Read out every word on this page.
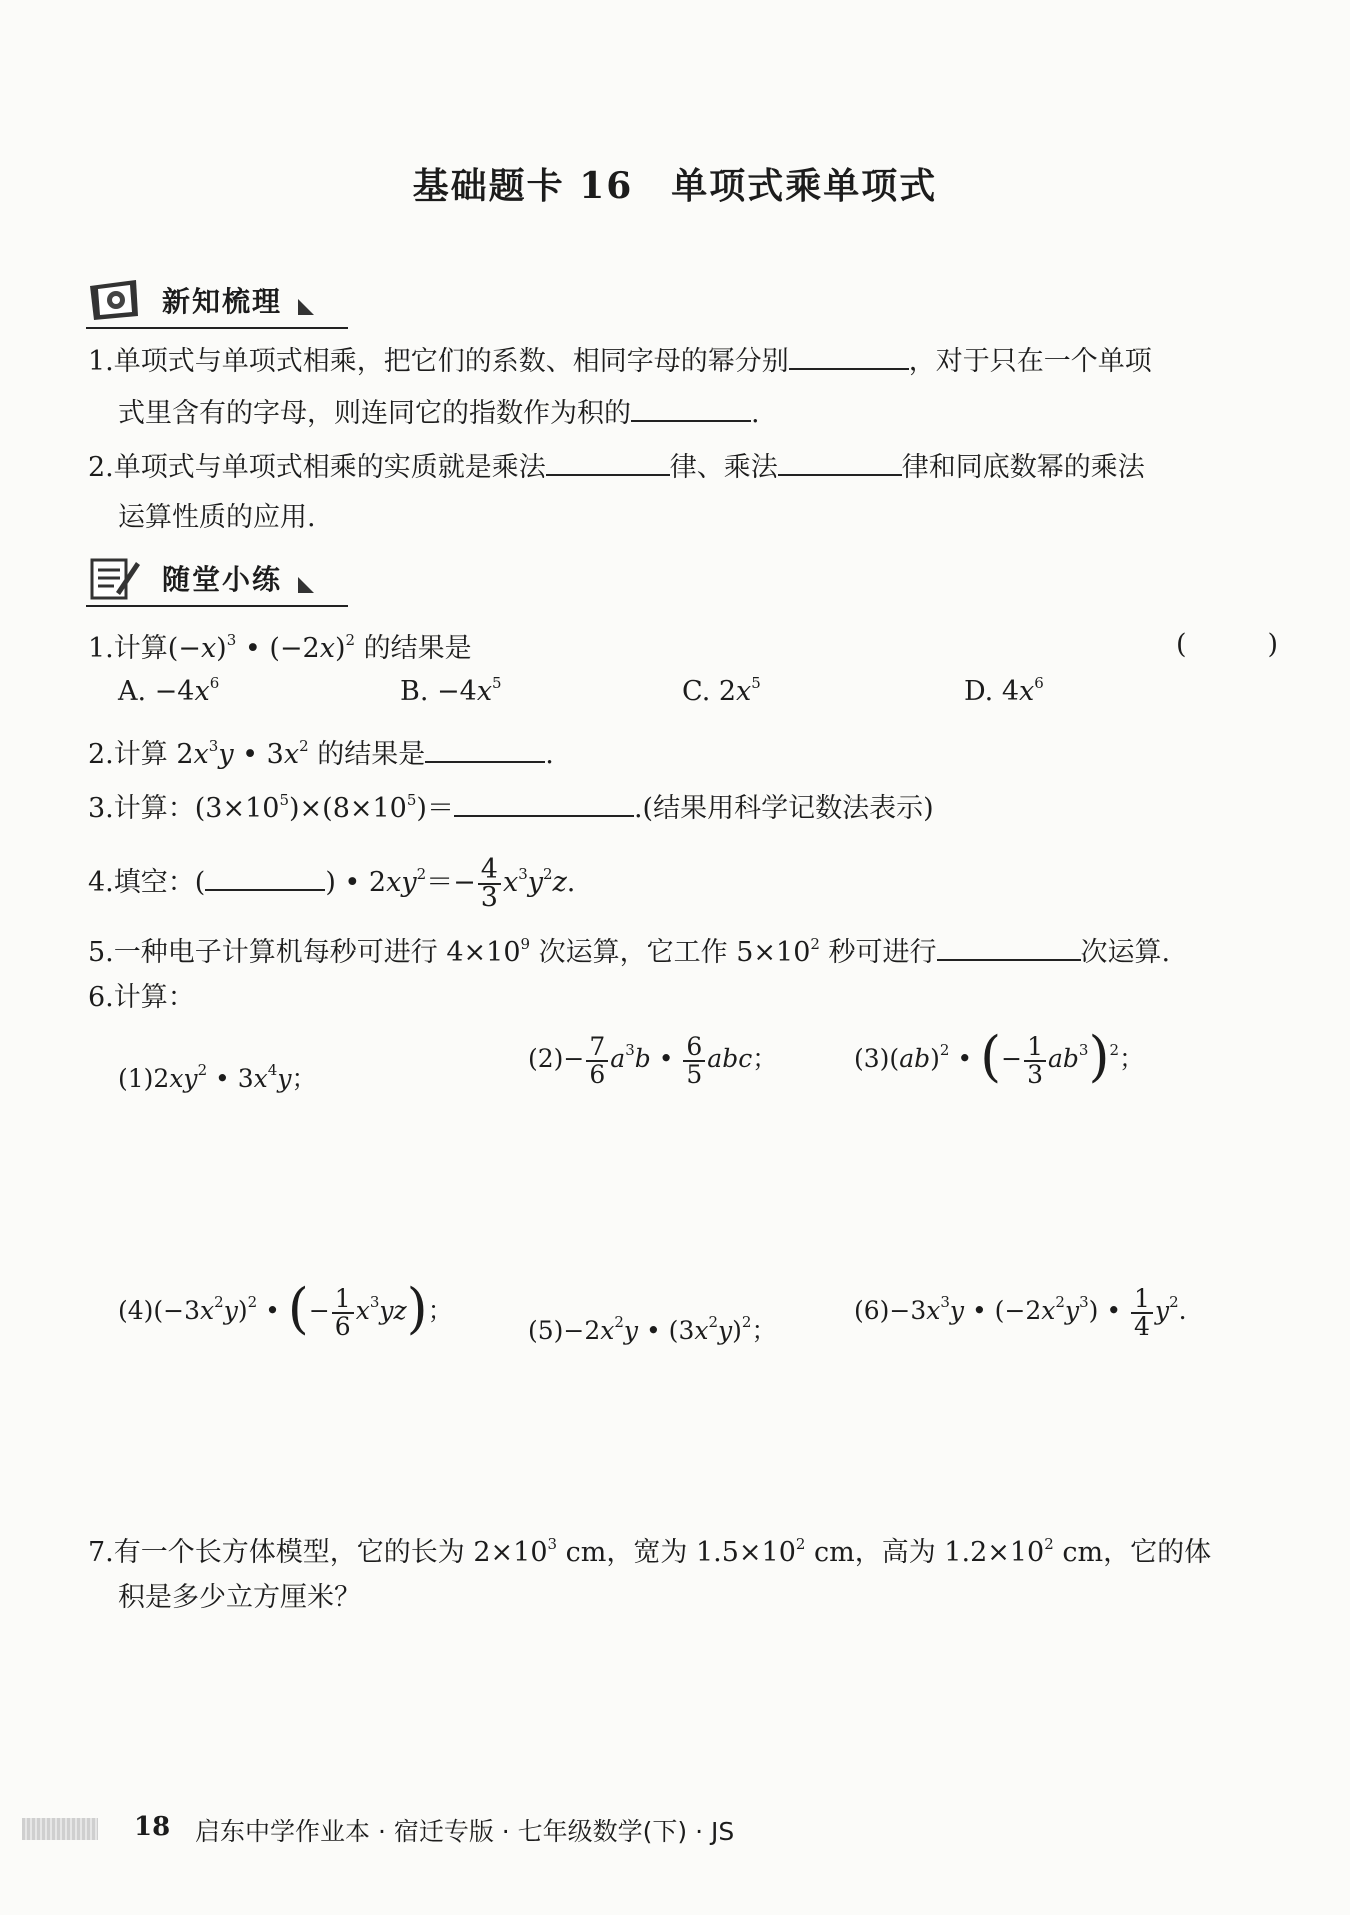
基础题卡 16　单项式乘单项式
新知梳理
1.单项式与单项式相乘，把它们的系数、相同字母的幂分别	，对于只在一个单项
式里含有的字母，则连同它的指数作为积的	.
2.单项式与单项式相乘的实质就是乘法	律、乘法	律和同底数幂的乘法
运算性质的应用.
随堂小练
1.计算$(-x)^3$ • $(-2x)^2$ 的结果是	(　　　)
A. $-4x^6$	B. $-4x^5$	C. $2x^5$	D. $4x^6$
2.计算 $2x^3y$ • $3x^2$ 的结果是	.
3.计算：$(3\times 10^5)\times(8\times 10^5)=$	.(结果用科学记数法表示)
4.填空：(	) • $2xy^2=- \frac{4}{3} x^3y^2z$.
5.一种电子计算机每秒可进行 $4\times 10^9$ 次运算，它工作 $5\times 10^2$ 秒可进行	次运算.
6.计算：
$(1)2xy^2$ • $3x^4y$；
$(2)- \frac{7}{6} a^3b$ • $\frac{6}{5}$ abc；	(3)(ab)$^2$ • (− $\frac{1}{3} ab^3)^2$；
$(4)(-3x^2y)^2$ • (− $\frac{1}{6} x^3yz$)；
$(5)-2x^2y$ • $(3x^2y)^2$；
$(6)-3x^3y$ • $(-2x^2y^3)$ • $\frac{1}{4} y^2$.
7.有一个长方体模型，它的长为 $2\times 10^3$ cm，宽为 $1.5\times 10^2$ cm，高为 $1.2\times 10^2$ cm，它的体
积是多少立方厘米？
18 启东中学作业本 · 宿迁专版 · 七年级数学(下) · JS
